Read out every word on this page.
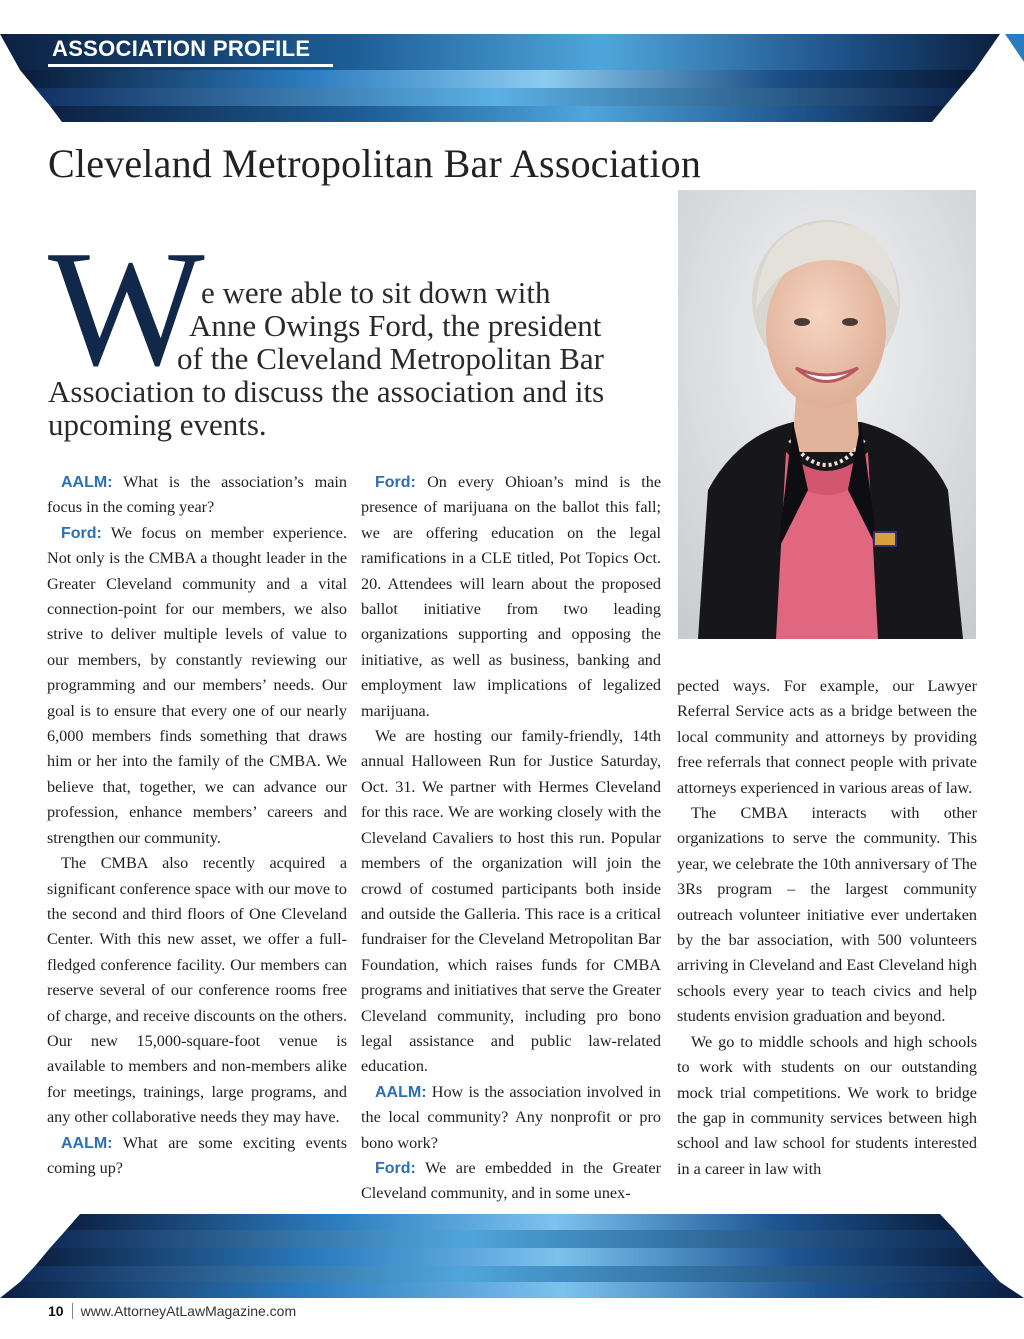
ASSOCIATION PROFILE
Cleveland Metropolitan Bar Association
W
e were able to sit down with
Anne Owings Ford, the president
of the Cleveland Metropolitan Bar
Association to discuss the association and its
upcoming events.

AALM: What is the association’s main focus in the coming year?

Ford: We focus on member experience. Not only is the CMBA a thought leader in the Greater Cleveland community and a vital connection-point for our members, we also strive to deliver multiple levels of value to our members, by constantly reviewing our programming and our members’ needs. Our goal is to ensure that every one of our nearly 6,000 members finds something that draws him or her into the family of the CMBA. We believe that, together, we can advance our profession, enhance members’ careers and strengthen our community.

The CMBA also recently acquired a significant conference space with our move to the second and third floors of One Cleveland Center. With this new asset, we offer a full-fledged conference facility. Our members can reserve several of our conference rooms free of charge, and receive discounts on the others. Our new 15,000-square-foot venue is available to members and non-members alike for meetings, trainings, large programs, and any other collaborative needs they may have.

AALM: What are some exciting events coming up?

Ford: On every Ohioan’s mind is the presence of marijuana on the ballot this fall; we are offering education on the legal ramifications in a CLE titled, Pot Topics Oct. 20. Attendees will learn about the proposed ballot initiative from two leading organizations supporting and opposing the initiative, as well as business, banking and employment law implications of legalized marijuana.

We are hosting our family-friendly, 14th annual Halloween Run for Justice Saturday, Oct. 31. We partner with Hermes Cleveland for this race. We are working closely with the Cleveland Cavaliers to host this run. Popular members of the organization will join the crowd of costumed participants both inside and outside the Galleria. This race is a critical fundraiser for the Cleveland Metropolitan Bar Foundation, which raises funds for CMBA programs and initiatives that serve the Greater Cleveland community, including pro bono legal assistance and public law-related education.

AALM: How is the association involved in the local community? Any nonprofit or pro bono work?

Ford: We are embedded in the Greater Cleveland community, and in some unex-

pected ways. For example, our Lawyer Referral Service acts as a bridge between the local community and attorneys by providing free referrals that connect people with private attorneys experienced in various areas of law.

The CMBA interacts with other organizations to serve the community. This year, we celebrate the 10th anniversary of The 3Rs program – the largest community outreach volunteer initiative ever undertaken by the bar association, with 500 volunteers arriving in Cleveland and East Cleveland high schools every year to teach civics and help students envision graduation and beyond.

We go to middle schools and high schools to work with students on our outstanding mock trial competitions. We work to bridge the gap in community services between high school and law school for students interested in a career in law with

10 www.AttorneyAtLawMagazine.com
